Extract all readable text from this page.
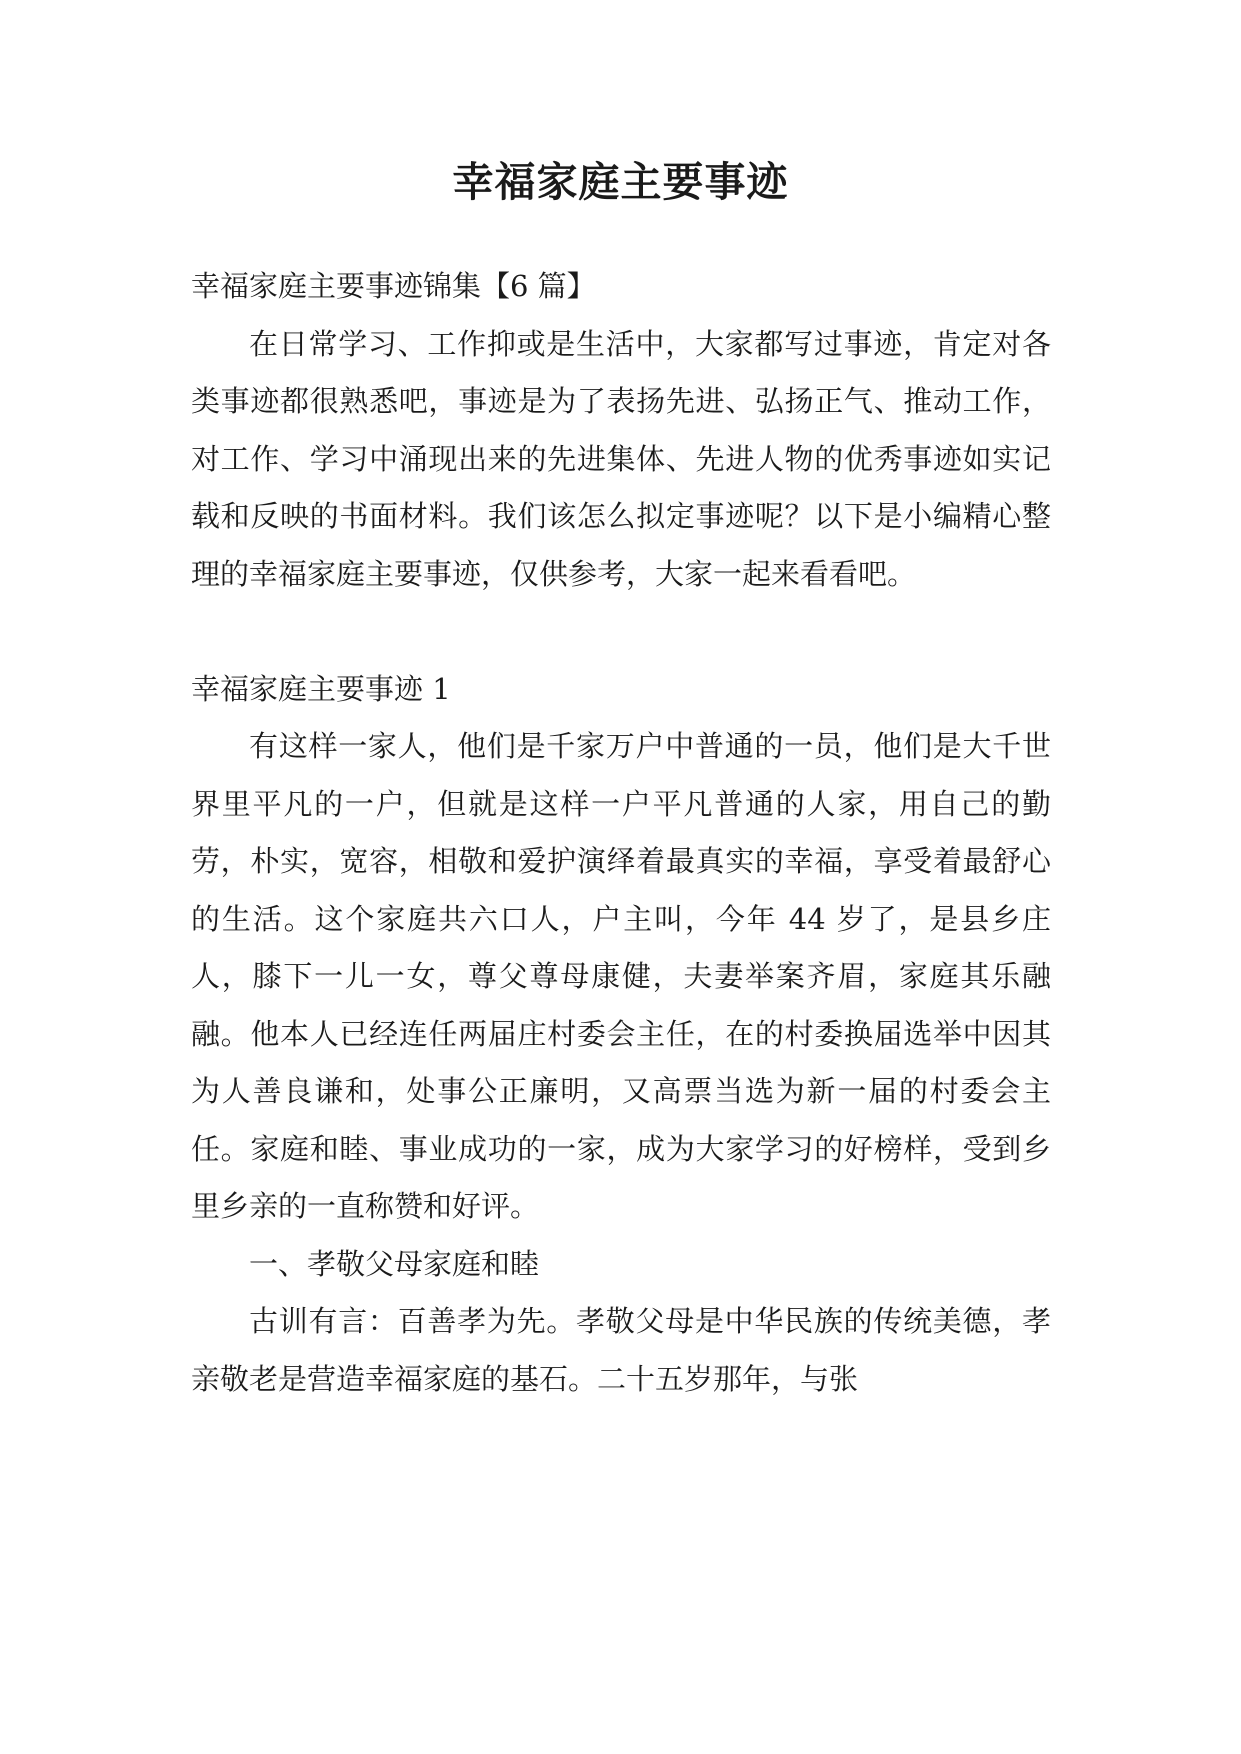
幸福家庭主要事迹

幸福家庭主要事迹锦集【6 篇】

在日常学习、工作抑或是生活中，大家都写过事迹，肯定对各类事迹都很熟悉吧，事迹是为了表扬先进、弘扬正气、推动工作，对工作、学习中涌现出来的先进集体、先进人物的优秀事迹如实记载和反映的书面材料。我们该怎么拟定事迹呢？以下是小编精心整理的幸福家庭主要事迹，仅供参考，大家一起来看看吧。

幸福家庭主要事迹 1

有这样一家人，他们是千家万户中普通的一员，他们是大千世界里平凡的一户，但就是这样一户平凡普通的人家，用自己的勤劳，朴实，宽容，相敬和爱护演绎着最真实的幸福，享受着最舒心的生活。这个家庭共六口人，户主叫，今年 44 岁了，是县乡庄人，膝下一儿一女，尊父尊母康健，夫妻举案齐眉，家庭其乐融融。他本人已经连任两届庄村委会主任，在的村委换届选举中因其为人善良谦和，处事公正廉明，又高票当选为新一届的村委会主任。家庭和睦、事业成功的一家，成为大家学习的好榜样，受到乡里乡亲的一直称赞和好评。

一、孝敬父母家庭和睦

古训有言：百善孝为先。孝敬父母是中华民族的传统美德，孝亲敬老是营造幸福家庭的基石。二十五岁那年，与张
